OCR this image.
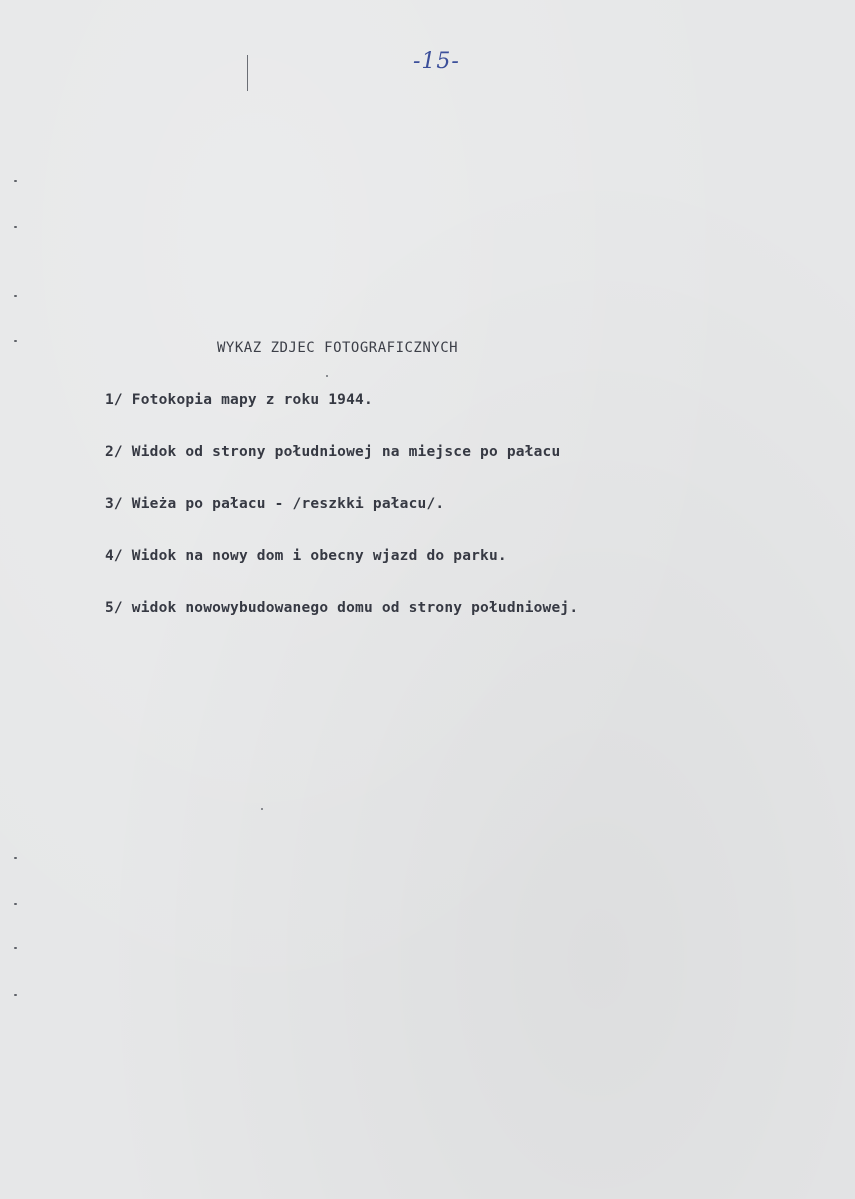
-15-
WYKAZ ZDJEC FOTOGRAFICZNYCH
1/ Fotokopia mapy z roku 1944.
2/ Widok od strony południowej na miejsce po pałacu
3/ Wieża po pałacu - /reszkki pałacu/.
4/ Widok na nowy dom i obecny wjazd do parku.
5/ widok nowowybudowanego domu od strony południowej.
